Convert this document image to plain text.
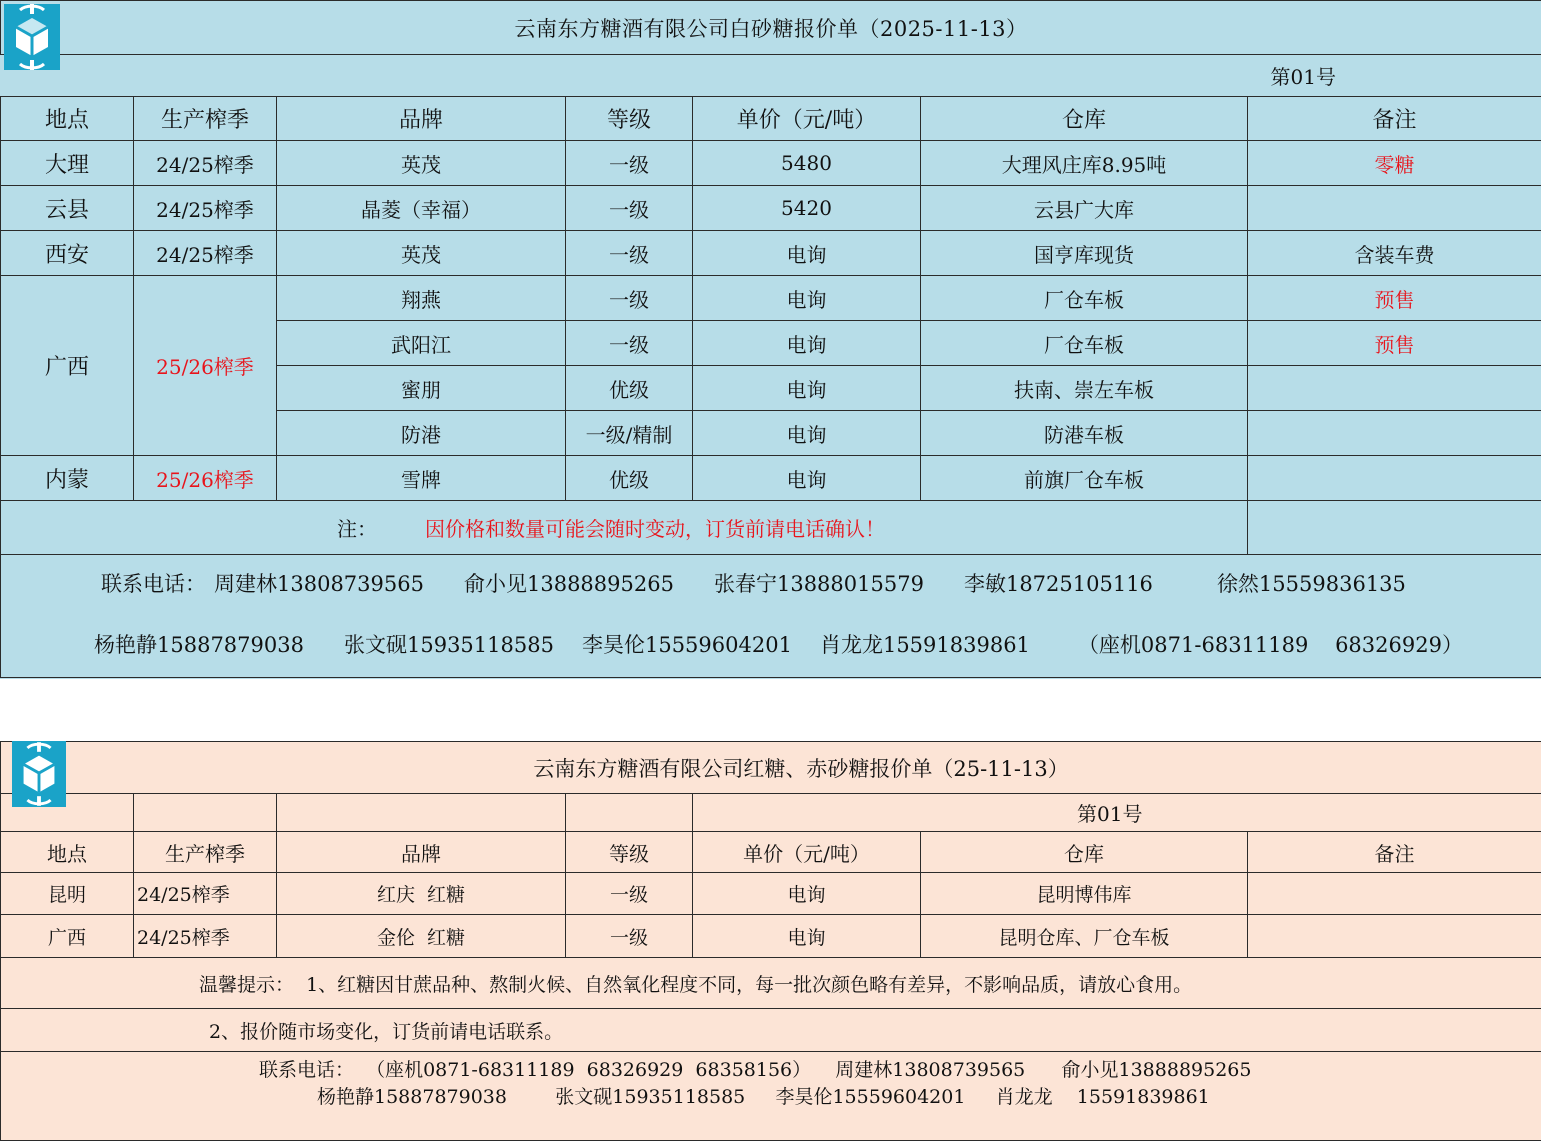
云南东方糖酒有限公司白砂糖报价单（2025-11-13）						
第01号						
地点	生产榨季	品牌	等级	单价（元/吨）	仓库	备注
大理	24/25榨季	英茂	一级	5480	大理风庄库8.95吨	零糖
云县	24/25榨季	晶菱（幸福）	一级	5420	云县广大库	
西安	24/25榨季	英茂	一级	电询	国亨库现货	含装车费
广西	25/26榨季	翔燕	一级	电询	厂仓车板	预售
		武阳江	一级	电询	厂仓车板	预售
		蜜朋	优级	电询	扶南、崇左车板	
		防港	一级/精制	电询	防港车板	
内蒙	25/26榨季	雪牌	优级	电询	前旗厂仓车板	
注： 因价格和数量可能会随时变动，订货前请电话确认！						

联系电话： 周建林13808739565 俞小见13888895265 张春宁13888015579 李敏18725105116 徐然15559836135
杨艳静15887879038 张文砚15935118585 李昊伦15559604201 肖龙龙15591839861 （座机0871-68311189    68326929）						
云南东方糖酒有限公司红糖、赤砂糖报价单（25-11-13）						
				第01号		
地点	生产榨季	品牌	等级	单价（元/吨）	仓库	备注
昆明	24/25榨季	红庆  红糖	一级	电询	昆明博伟库	
广西	24/25榨季	金伦  红糖	一级	电询	昆明仓库、厂仓车板	
温馨提示：  1、红糖因甘蔗品种、熬制火候、自然氧化程度不同，每一批次颜色略有差异，不影响品质，请放心食用。						
2、报价随市场变化，订货前请电话联系。						

联系电话：  （座机0871-68311189  68326929  68358156）    周建林13808739565      俞小见13888895265
杨艳静15887879038        张文砚15935118585     李昊伦15559604201     肖龙龙    15591839861						
